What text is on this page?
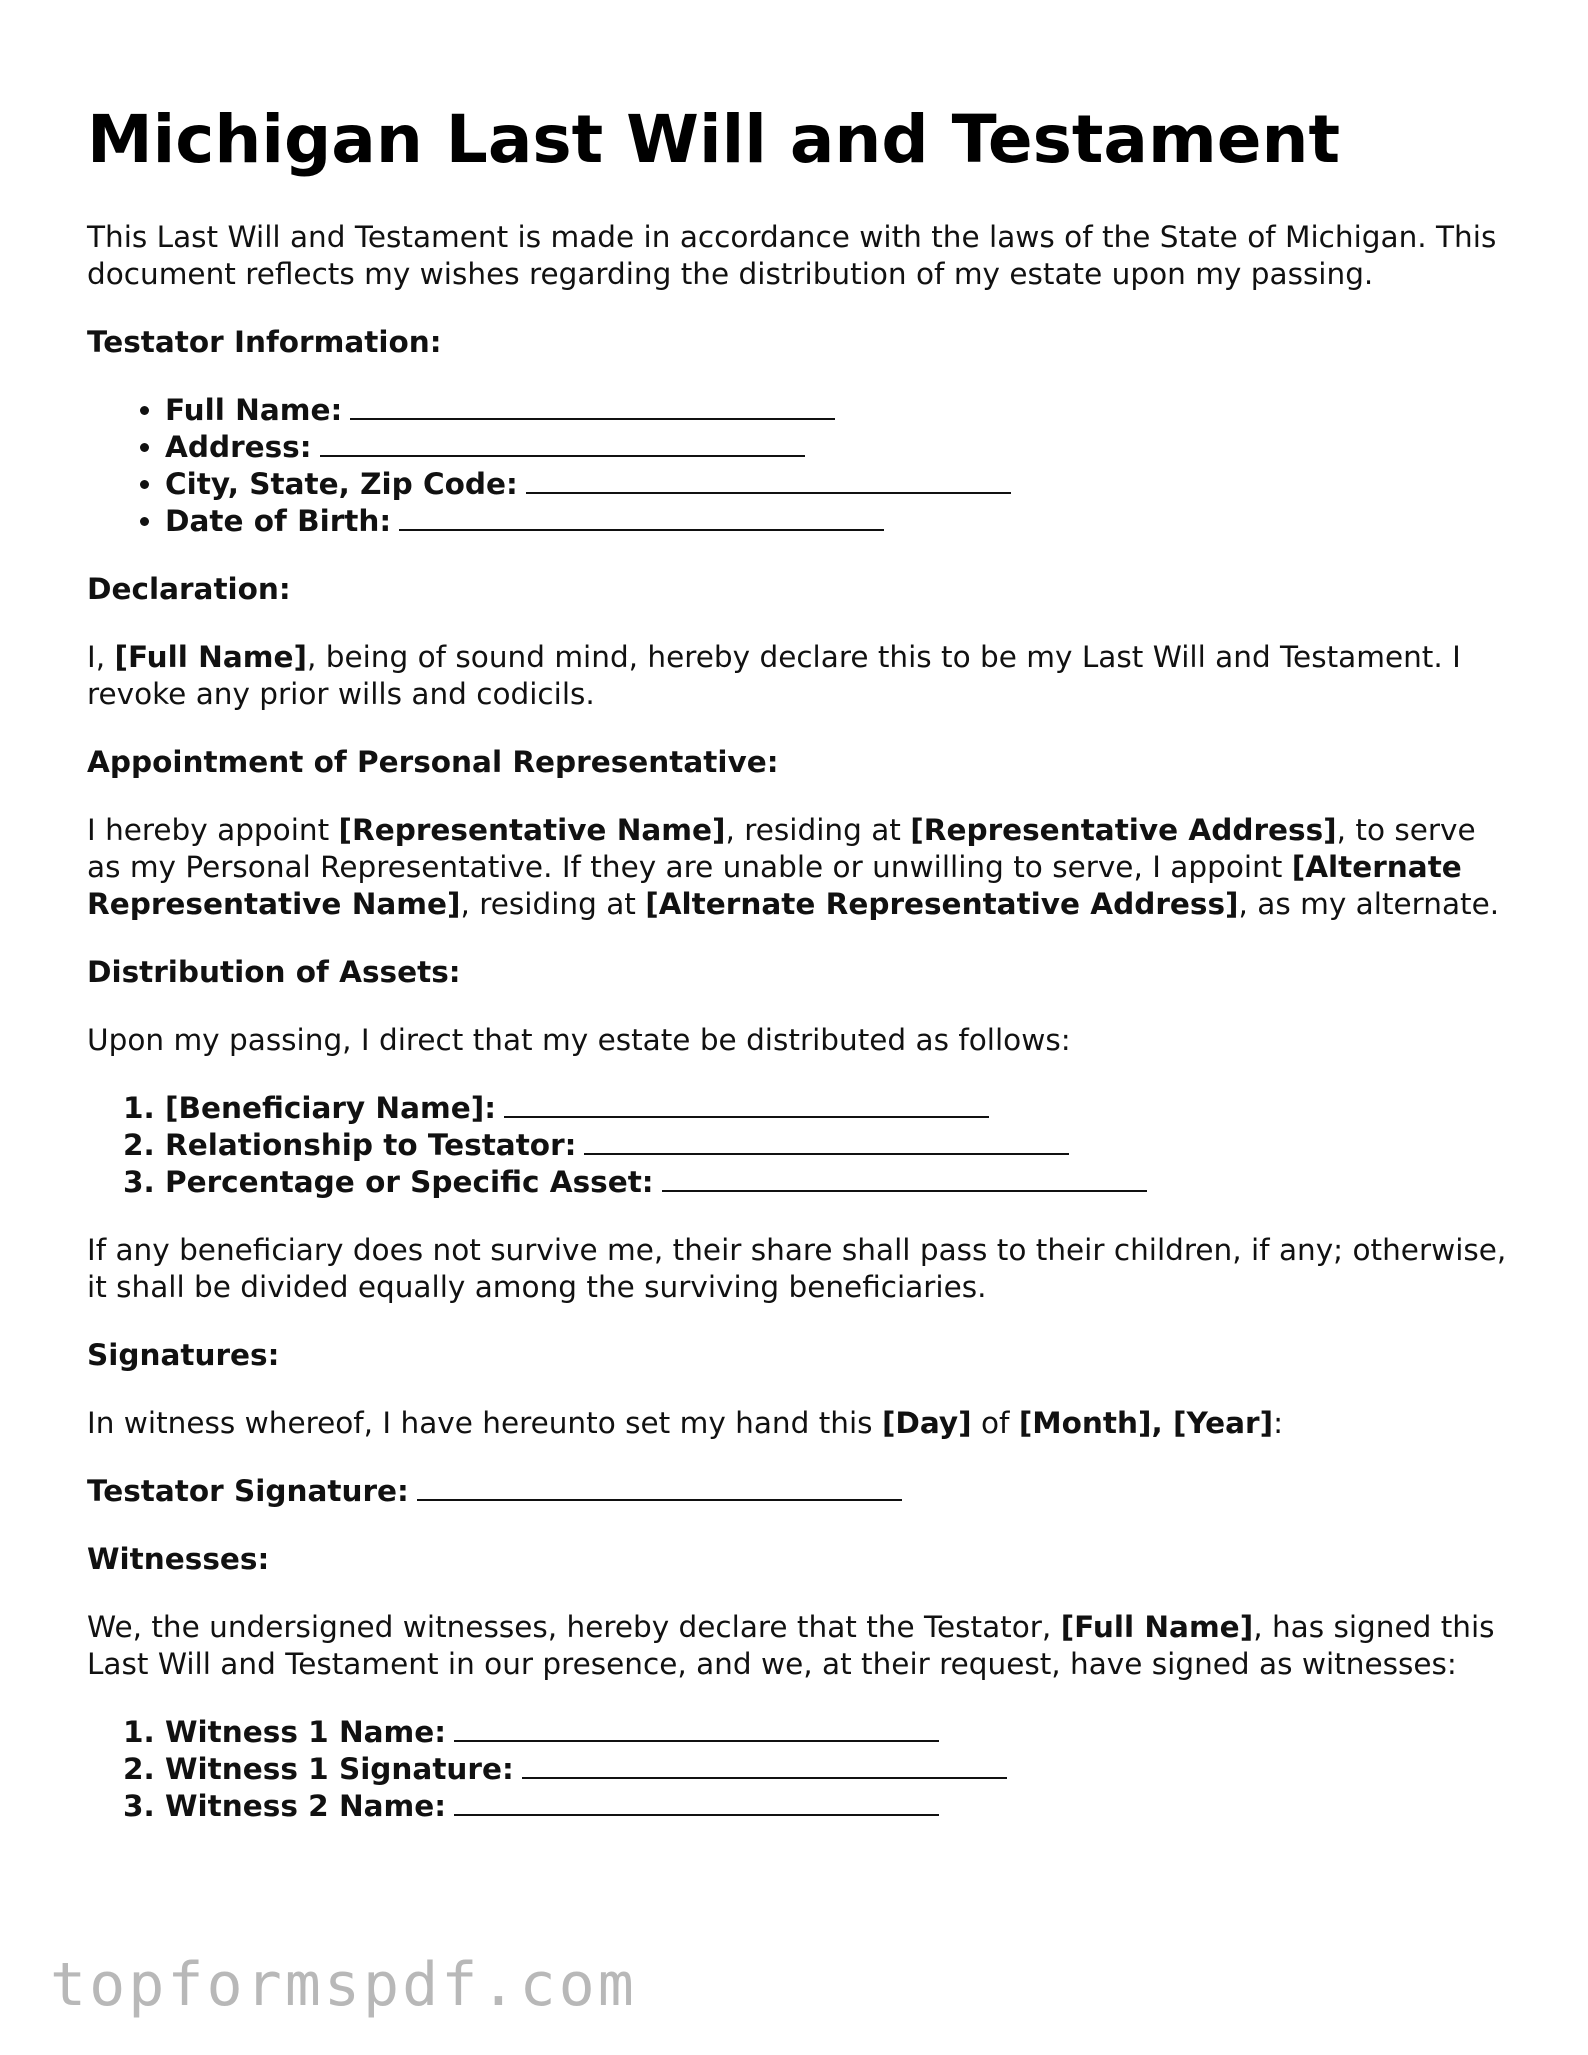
Michigan Last Will and Testament

This Last Will and Testament is made in accordance with the laws of the State of Michigan. This document reflects my wishes regarding the distribution of my estate upon my passing.

Testator Information:

• Full Name:
• Address:
• City, State, Zip Code:
• Date of Birth:

Declaration:

I, [Full Name], being of sound mind, hereby declare this to be my Last Will and Testament. I revoke any prior wills and codicils.

Appointment of Personal Representative:

I hereby appoint [Representative Name], residing at [Representative Address], to serve as my Personal Representative. If they are unable or unwilling to serve, I appoint [Alternate Representative Name], residing at [Alternate Representative Address], as my alternate.

Distribution of Assets:

Upon my passing, I direct that my estate be distributed as follows:

1. [Beneficiary Name]:
2. Relationship to Testator:
3. Percentage or Specific Asset:

If any beneficiary does not survive me, their share shall pass to their children, if any; otherwise, it shall be divided equally among the surviving beneficiaries.

Signatures:

In witness whereof, I have hereunto set my hand this [Day] of [Month], [Year]:

Testator Signature:

Witnesses:

We, the undersigned witnesses, hereby declare that the Testator, [Full Name], has signed this Last Will and Testament in our presence, and we, at their request, have signed as witnesses:

1. Witness 1 Name:
2. Witness 1 Signature:
3. Witness 2 Name:
topformspdf.com
